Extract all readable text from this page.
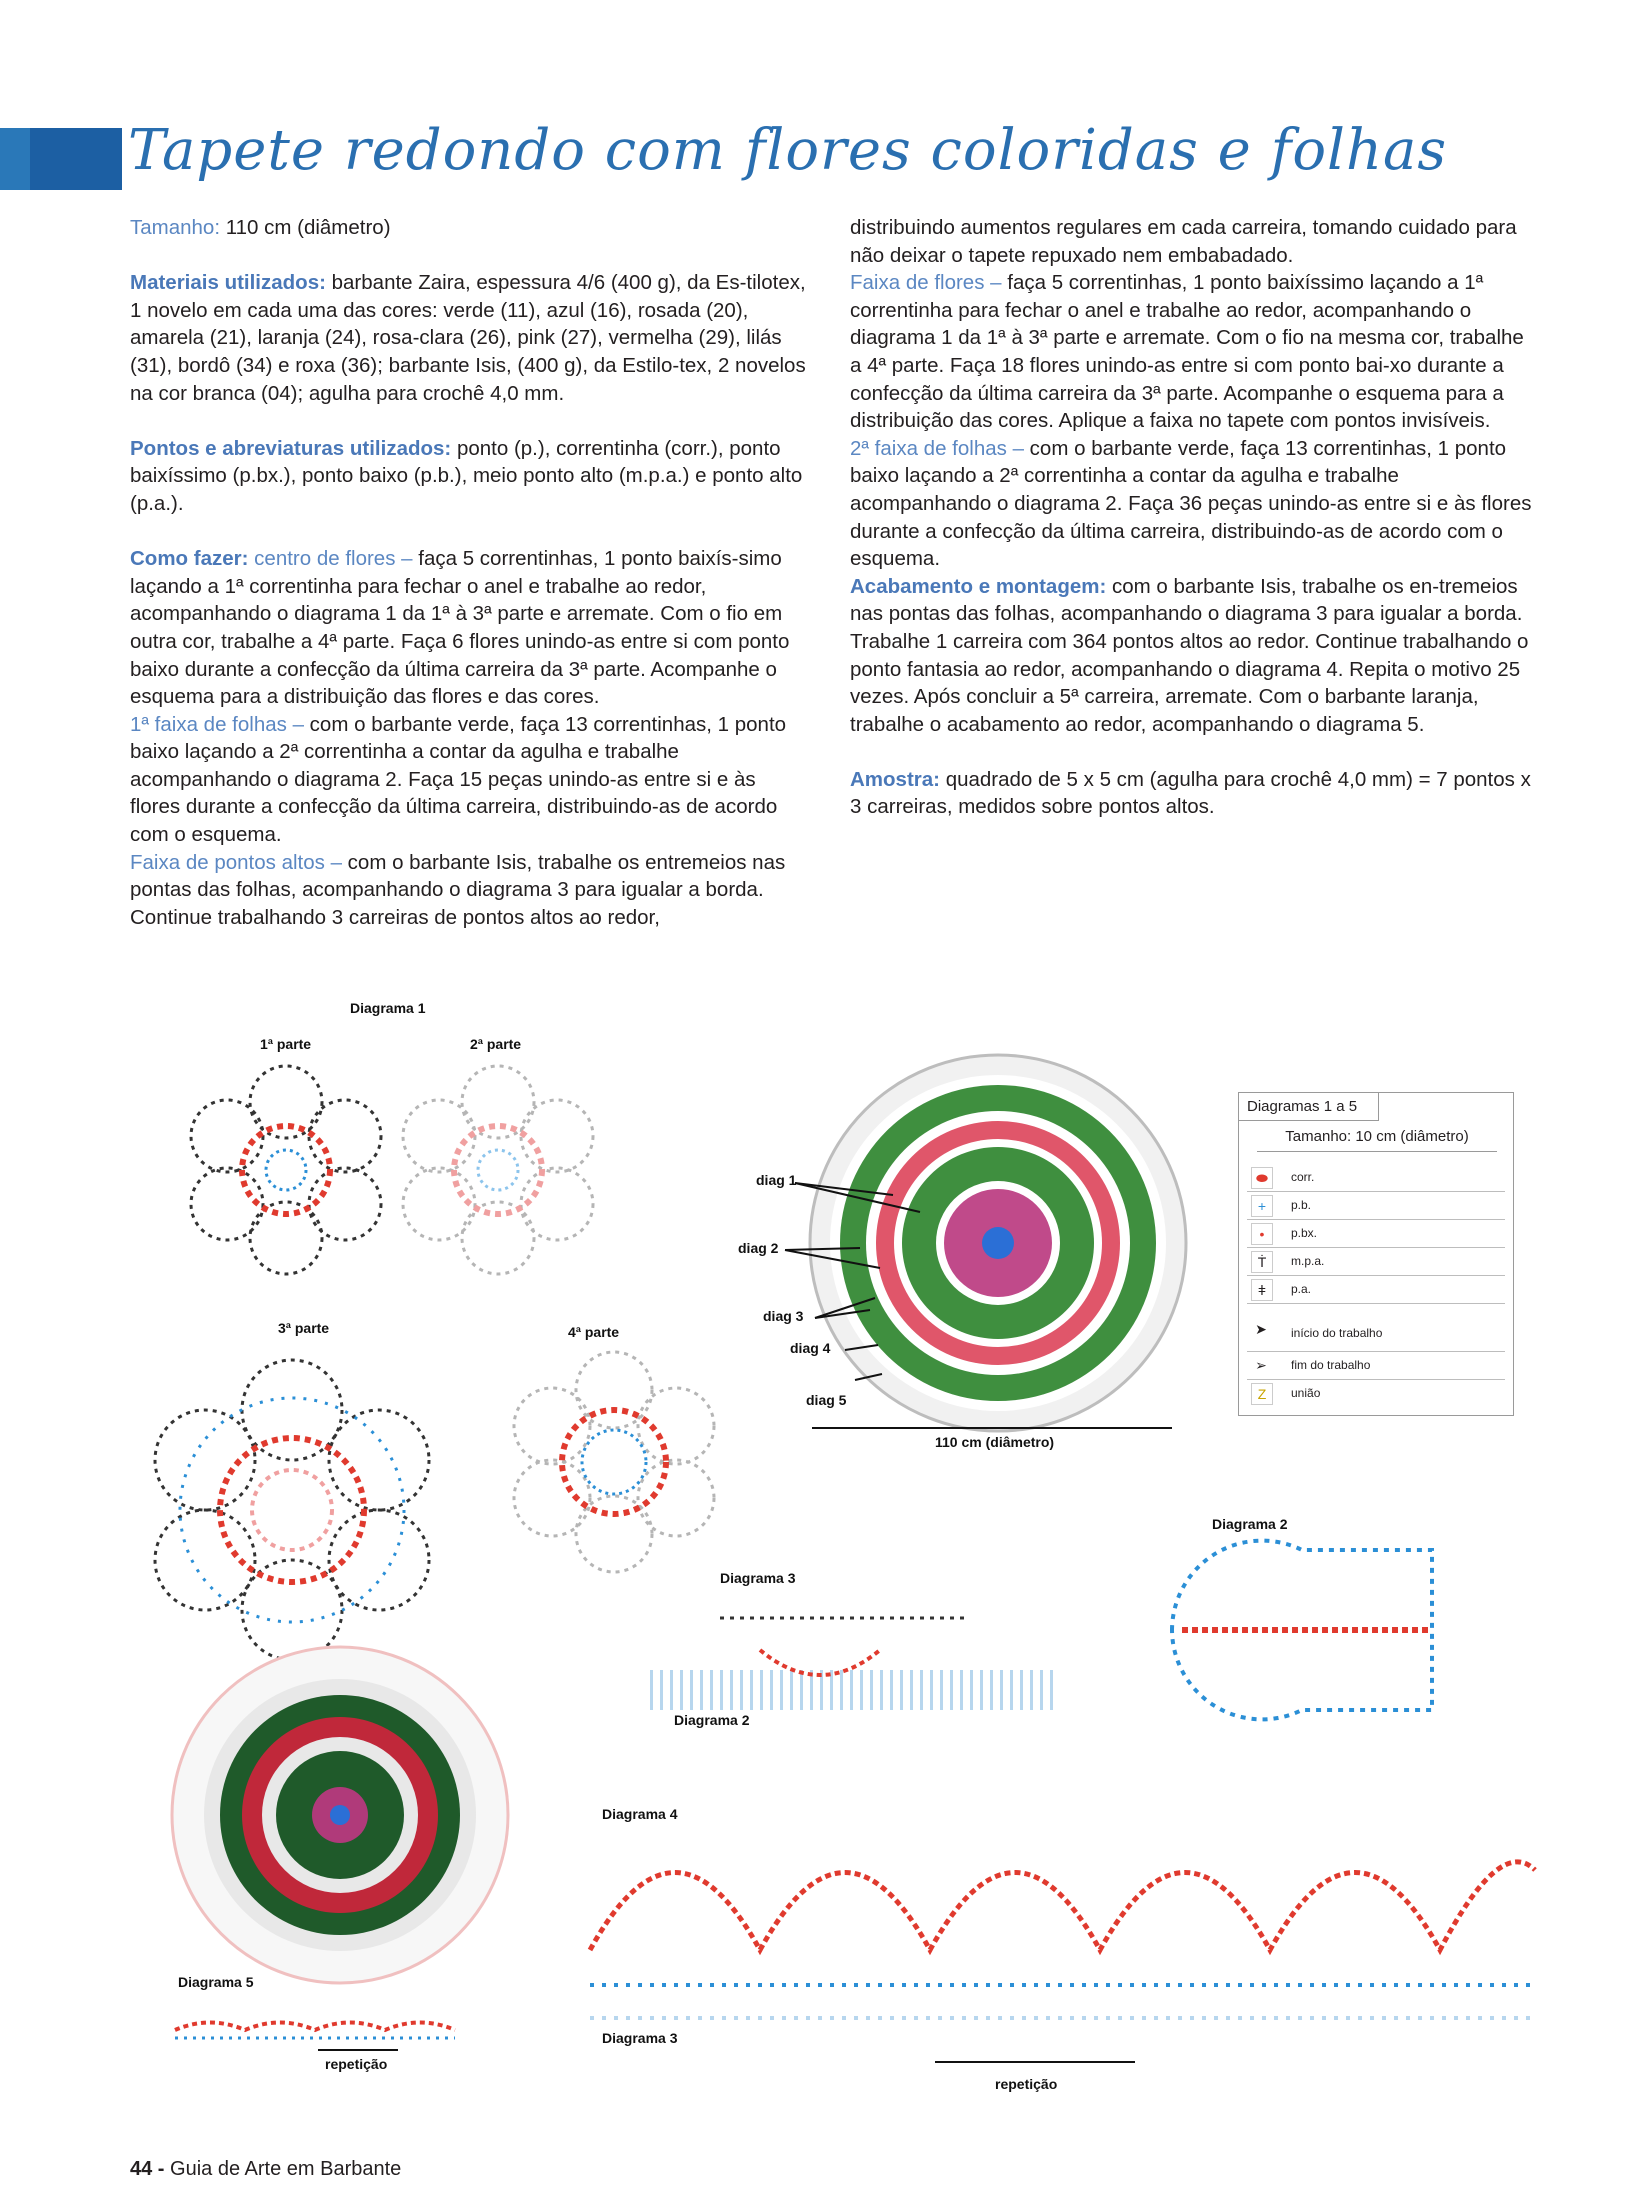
Tapete redondo com flores coloridas e folhas

Tamanho: 110 cm (diâmetro)

Materiais utilizados: barbante Zaira, espessura 4/6 (400 g), da Es-tilotex, 1 novelo em cada uma das cores: verde (11), azul (16), rosada (20), amarela (21), laranja (24), rosa-clara (26), pink (27), vermelha (29), lilás (31), bordô (34) e roxa (36); barbante Isis, (400 g), da Estilo-tex, 2 novelos na cor branca (04); agulha para crochê 4,0 mm.

Pontos e abreviaturas utilizados: ponto (p.), correntinha (corr.), ponto baixíssimo (p.bx.), ponto baixo (p.b.), meio ponto alto (m.p.a.) e ponto alto (p.a.).

Como fazer: centro de flores – faça 5 correntinhas, 1 ponto baixís-simo laçando a 1ª correntinha para fechar o anel e trabalhe ao redor, acompanhando o diagrama 1 da 1ª à 3ª parte e arremate. Com o fio em outra cor, trabalhe a 4ª parte. Faça 6 flores unindo-as entre si com ponto baixo durante a confecção da última carreira da 3ª parte. Acompanhe o esquema para a distribuição das flores e das cores.

1ª faixa de folhas – com o barbante verde, faça 13 correntinhas, 1 ponto baixo laçando a 2ª correntinha a contar da agulha e trabalhe acompanhando o diagrama 2. Faça 15 peças unindo-as entre si e às flores durante a confecção da última carreira, distribuindo-as de acordo com o esquema.

Faixa de pontos altos – com o barbante Isis, trabalhe os entremeios nas pontas das folhas, acompanhando o diagrama 3 para igualar a borda. Continue trabalhando 3 carreiras de pontos altos ao redor,

distribuindo aumentos regulares em cada carreira, tomando cuidado para não deixar o tapete repuxado nem embabadado.

Faixa de flores – faça 5 correntinhas, 1 ponto baixíssimo laçando a 1ª correntinha para fechar o anel e trabalhe ao redor, acompanhando o diagrama 1 da 1ª à 3ª parte e arremate. Com o fio na mesma cor, trabalhe a 4ª parte. Faça 18 flores unindo-as entre si com ponto bai-xo durante a confecção da última carreira da 3ª parte. Acompanhe o esquema para a distribuição das cores. Aplique a faixa no tapete com pontos invisíveis.

2ª faixa de folhas – com o barbante verde, faça 13 correntinhas, 1 ponto baixo laçando a 2ª correntinha a contar da agulha e trabalhe acompanhando o diagrama 2. Faça 36 peças unindo-as entre si e às flores durante a confecção da última carreira, distribuindo-as de acordo com o esquema.

Acabamento e montagem: com o barbante Isis, trabalhe os en-tremeios nas pontas das folhas, acompanhando o diagrama 3 para igualar a borda. Trabalhe 1 carreira com 364 pontos altos ao redor. Continue trabalhando o ponto fantasia ao redor, acompanhando o diagrama 4. Repita o motivo 25 vezes. Após concluir a 5ª carreira, arremate. Com o barbante laranja, trabalhe o acabamento ao redor, acompanhando o diagrama 5.

Amostra: quadrado de 5 x 5 cm (agulha para crochê 4,0 mm) = 7 pontos x 3 carreiras, medidos sobre pontos altos.

Diagrama 1
1ª parte	2ª parte
3ª parte	4ª parte
diag 1
diag 2
diag 3
diag 4
diag 5
110 cm (diâmetro)
Diagrama 2
Diagrama 3
Diagrama 2
Diagrama 4
Diagrama 5
Diagrama 3
repetição
repetição
Diagramas 1 a 5
Tamanho: 10 cm (diâmetro)
⬬	corr.
+	p.b.
•	p.bx.
Ṫ	m.p.a.
ǂ	p.a.
➤	início do trabalho
➢	fim do trabalho
Z	união
44 - Guia de Arte em Barbante
